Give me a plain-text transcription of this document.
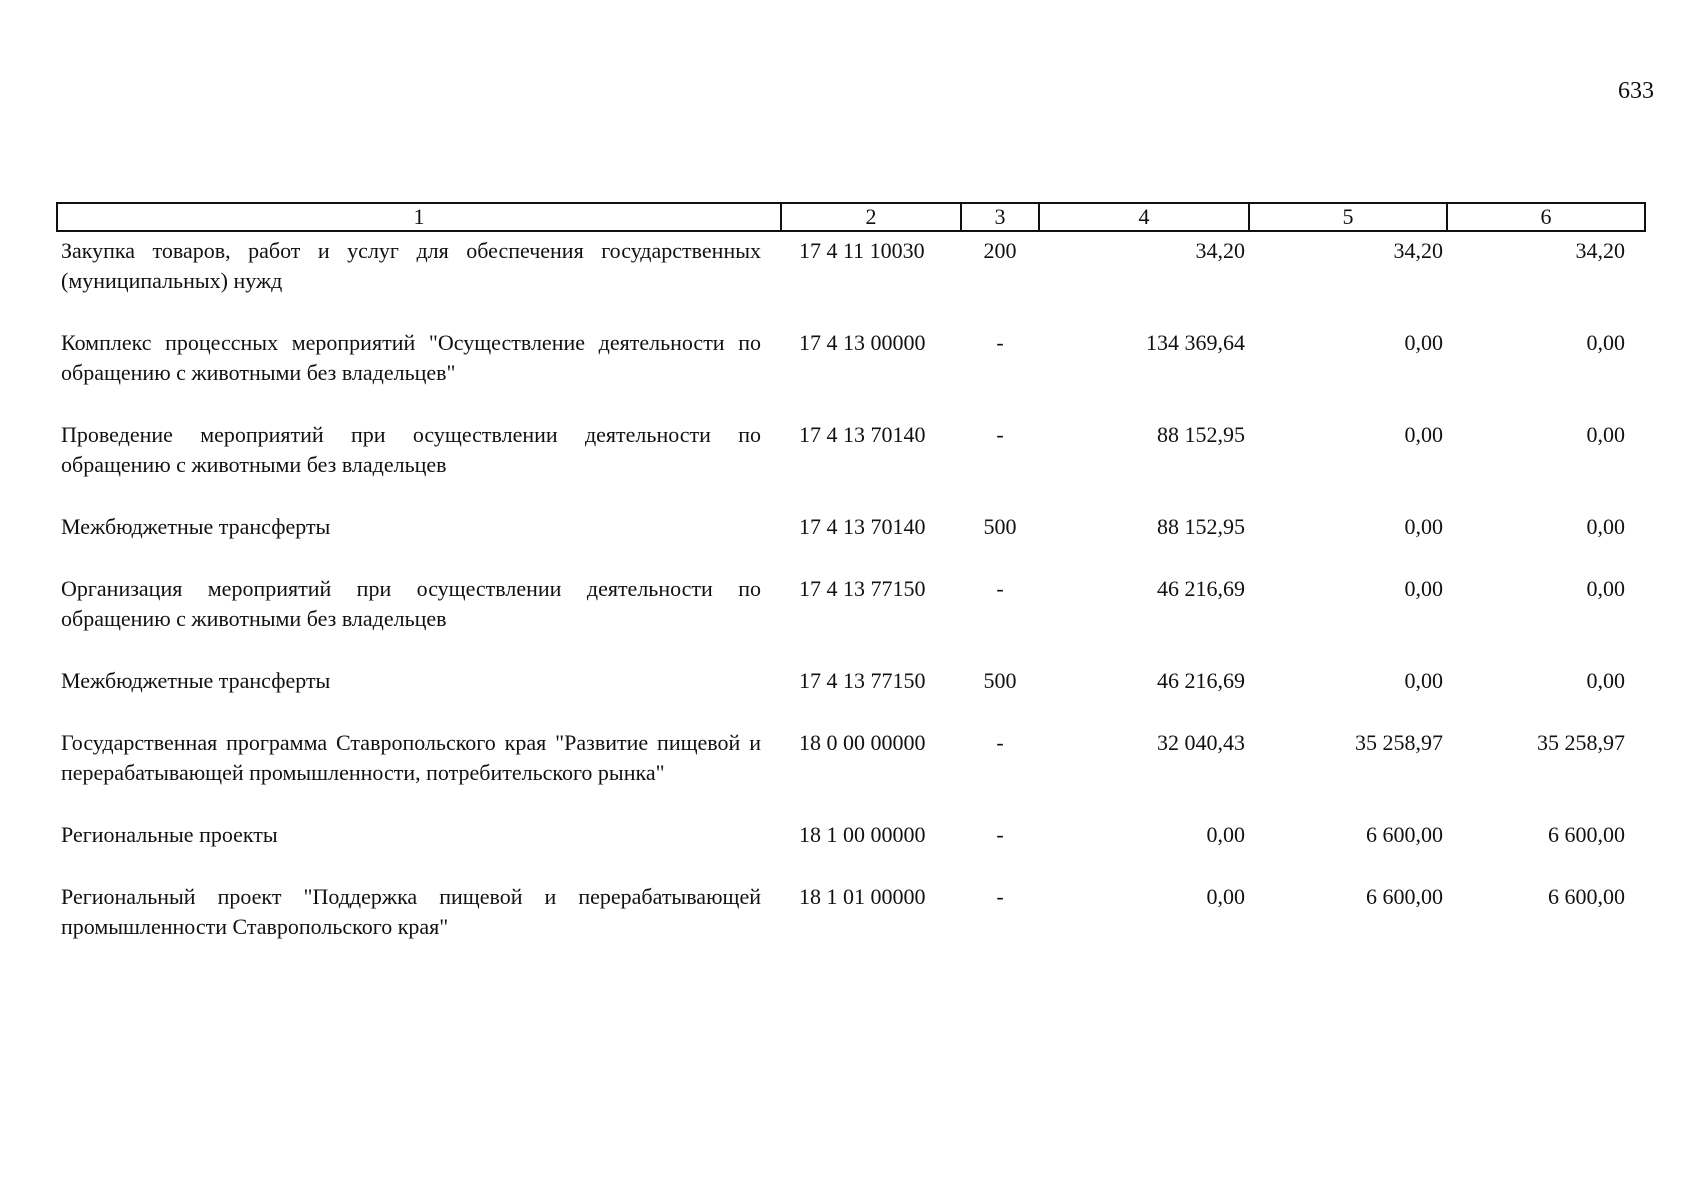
633
1	2	3	4	5	6
Закупка товаров, работ и услуг для обеспечения государственных (муниципальных) нужд	17 4 11 10030	200	34,20	34,20	34,20
Комплекс процессных мероприятий "Осуществление деятельности по обращению с животными без владельцев"	17 4 13 00000	-	134 369,64	0,00	0,00
Проведение мероприятий при осуществлении деятельности по обращению с животными без владельцев	17 4 13 70140	-	88 152,95	0,00	0,00
Межбюджетные трансферты	17 4 13 70140	500	88 152,95	0,00	0,00
Организация мероприятий при осуществлении деятельности по обращению с животными без владельцев	17 4 13 77150	-	46 216,69	0,00	0,00
Межбюджетные трансферты	17 4 13 77150	500	46 216,69	0,00	0,00
Государственная программа Ставропольского края "Развитие пищевой и перерабатывающей промышленности, потребительского рынка"	18 0 00 00000	-	32 040,43	35 258,97	35 258,97
Региональные проекты	18 1 00 00000	-	0,00	6 600,00	6 600,00
Региональный проект "Поддержка пищевой и перерабатывающей промышленности Ставропольского края"	18 1 01 00000	-	0,00	6 600,00	6 600,00
